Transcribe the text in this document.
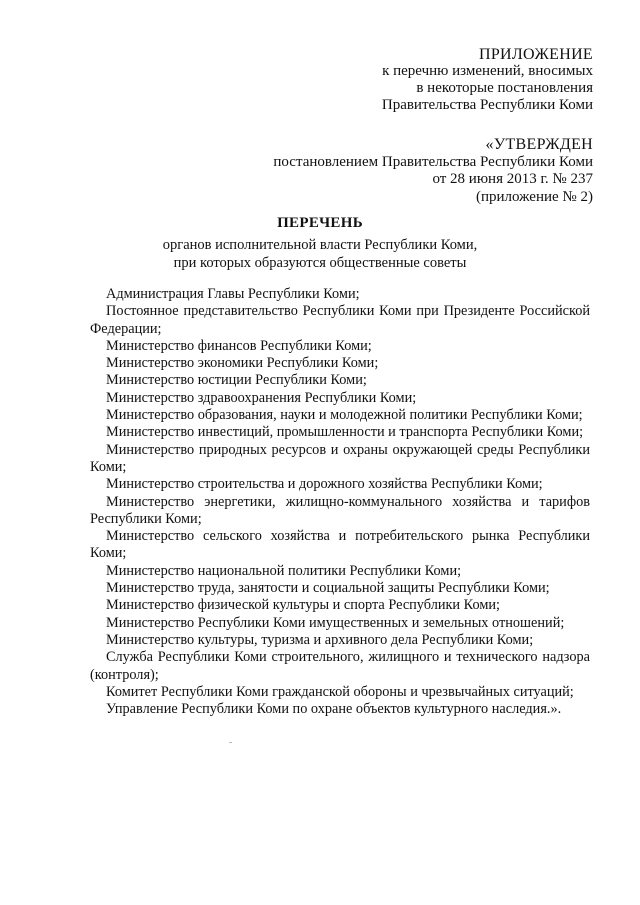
ПРИЛОЖЕНИЕ
к перечню изменений, вносимых
в некоторые постановления
Правительства Республики Коми
«УТВЕРЖДЕН
постановлением Правительства Республики Коми
от 28 июня 2013 г. № 237
(приложение № 2)
ПЕРЕЧЕНЬ
органов исполнительной власти Республики Коми,
при которых образуются общественные советы

Администрация Главы Республики Коми;

Постоянное представительство Республики Коми при Президенте Российской Федерации;

Министерство финансов Республики Коми;

Министерство экономики Республики Коми;

Министерство юстиции Республики Коми;

Министерство здравоохранения Республики Коми;

Министерство образования, науки и молодежной политики Республики Коми;

Министерство инвестиций, промышленности и транспорта Республики Коми;

Министерство природных ресурсов и охраны окружающей среды Республики Коми;

Министерство строительства и дорожного хозяйства Республики Коми;

Министерство энергетики, жилищно-коммунального хозяйства и тарифов Республики Коми;

Министерство сельского хозяйства и потребительского рынка Республики Коми;

Министерство национальной политики Республики Коми;

Министерство труда, занятости и социальной защиты Республики Коми;

Министерство физической культуры и спорта Республики Коми;

Министерство Республики Коми имущественных и земельных отношений;

Министерство культуры, туризма и архивного дела Республики Коми;

Служба Республики Коми строительного, жилищного и технического надзора (контроля);

Комитет Республики Коми гражданской обороны и чрезвычайных ситуаций;

Управление Республики Коми по охране объектов культурного наследия.».
